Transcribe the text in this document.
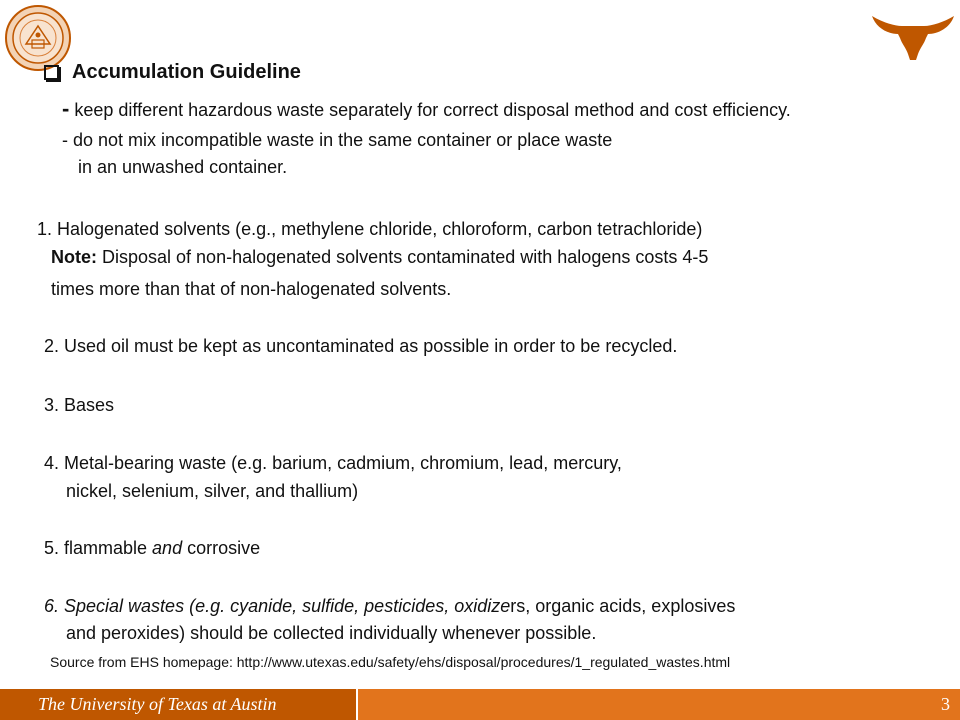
Accumulation Guideline
- keep different hazardous waste separately for correct disposal method and cost efficiency.
- do not mix incompatible waste in the same container or place waste
in an unwashed container.
1. Halogenated solvents (e.g., methylene chloride, chloroform, carbon tetrachloride)
Note: Disposal of non-halogenated solvents contaminated with halogens costs 4-5
times more than that of non-halogenated solvents.
2. Used oil must be kept as uncontaminated as possible in order to be recycled.
3. Bases
4. Metal-bearing waste (e.g. barium, cadmium, chromium, lead, mercury,
nickel, selenium, silver, and thallium)
5. flammable and corrosive
6. Special wastes (e.g. cyanide, sulfide, pesticides, oxidizers, organic acids, explosives
and peroxides) should be collected individually whenever possible.
Source from EHS homepage: http://www.utexas.edu/safety/ehs/disposal/procedures/1_regulated_wastes.html
The University of Texas at Austin	3
